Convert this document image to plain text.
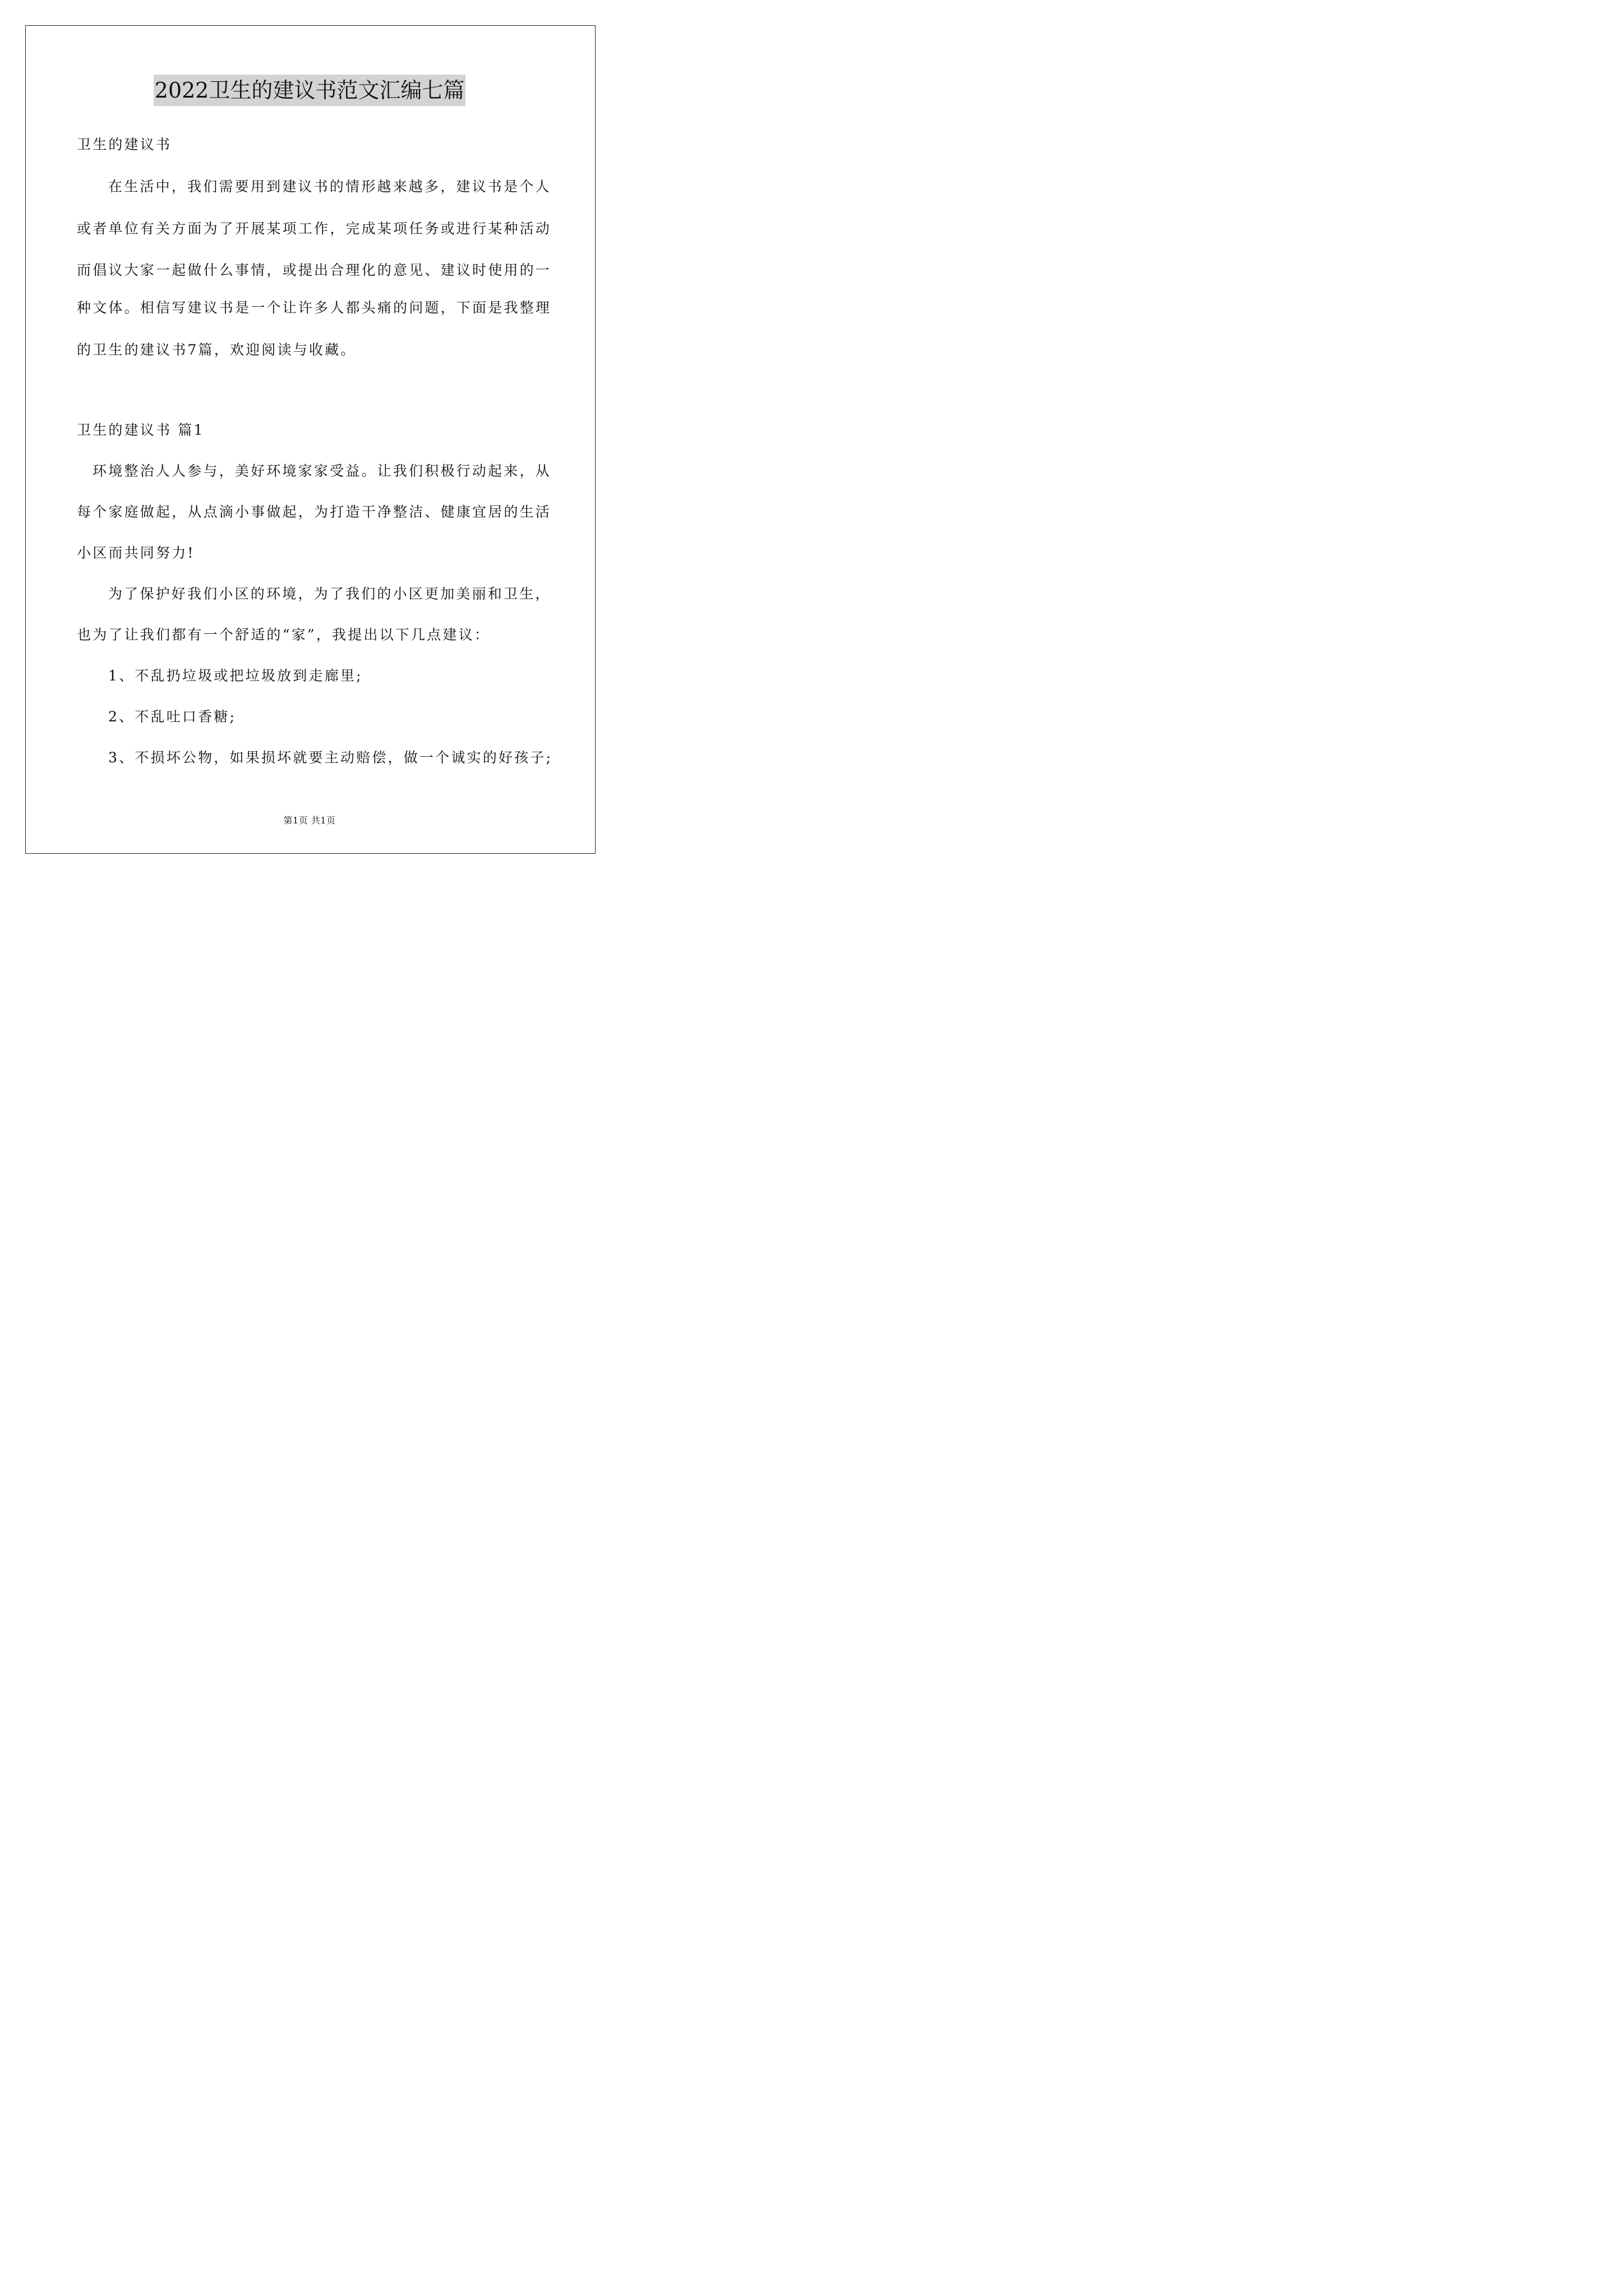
2022卫生的建议书范文汇编七篇
卫生的建议书
在生活中，我们需要用到建议书的情形越来越多，建议书是个人
或者单位有关方面为了开展某项工作，完成某项任务或进行某种活动
而倡议大家一起做什么事情，或提出合理化的意见、建议时使用的一
种文体。相信写建议书是一个让许多人都头痛的问题，下面是我整理
的卫生的建议书7篇，欢迎阅读与收藏。
卫生的建议书 篇1
环境整治人人参与，美好环境家家受益。让我们积极行动起来，从
每个家庭做起，从点滴小事做起，为打造干净整洁、健康宜居的生活
小区而共同努力!
为了保护好我们小区的环境，为了我们的小区更加美丽和卫生，
也为了让我们都有一个舒适的“家”，我提出以下几点建议：
1、不乱扔垃圾或把垃圾放到走廊里;
2、不乱吐口香糖;
3、不损坏公物，如果损坏就要主动赔偿，做一个诚实的好孩子;
第1页 共1页
